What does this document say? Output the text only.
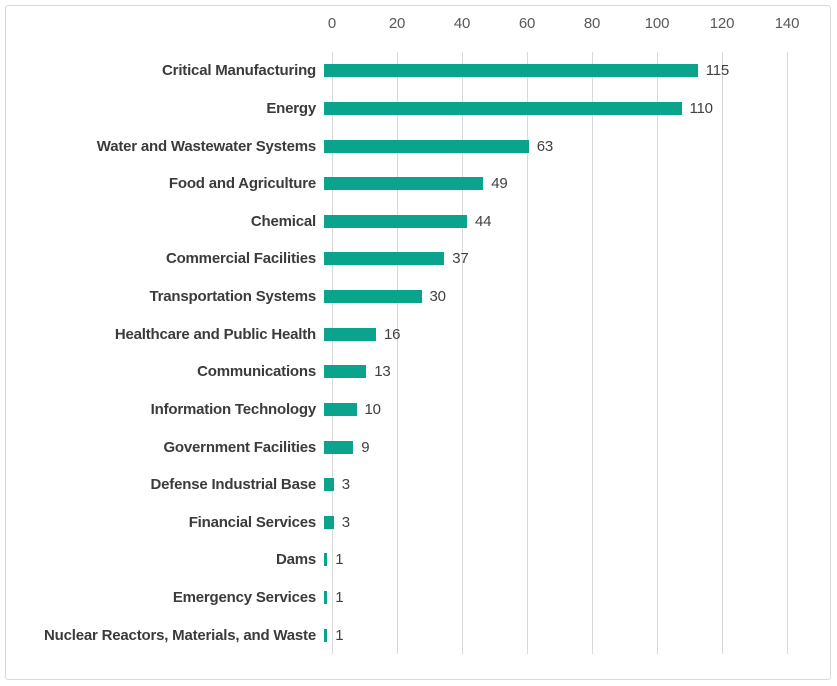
0	20	40	60	80	100	120	140
Critical Manufacturing	115
Energy	110
Water and Wastewater Systems	63
Food and Agriculture	49
Chemical	44
Commercial Facilities	37
Transportation Systems	30
Healthcare and Public Health	16
Communications	13
Information Technology	10
Government Facilities	9
Defense Industrial Base	3
Financial Services	3
Dams	1
Emergency Services	1
Nuclear Reactors, Materials, and Waste	1
